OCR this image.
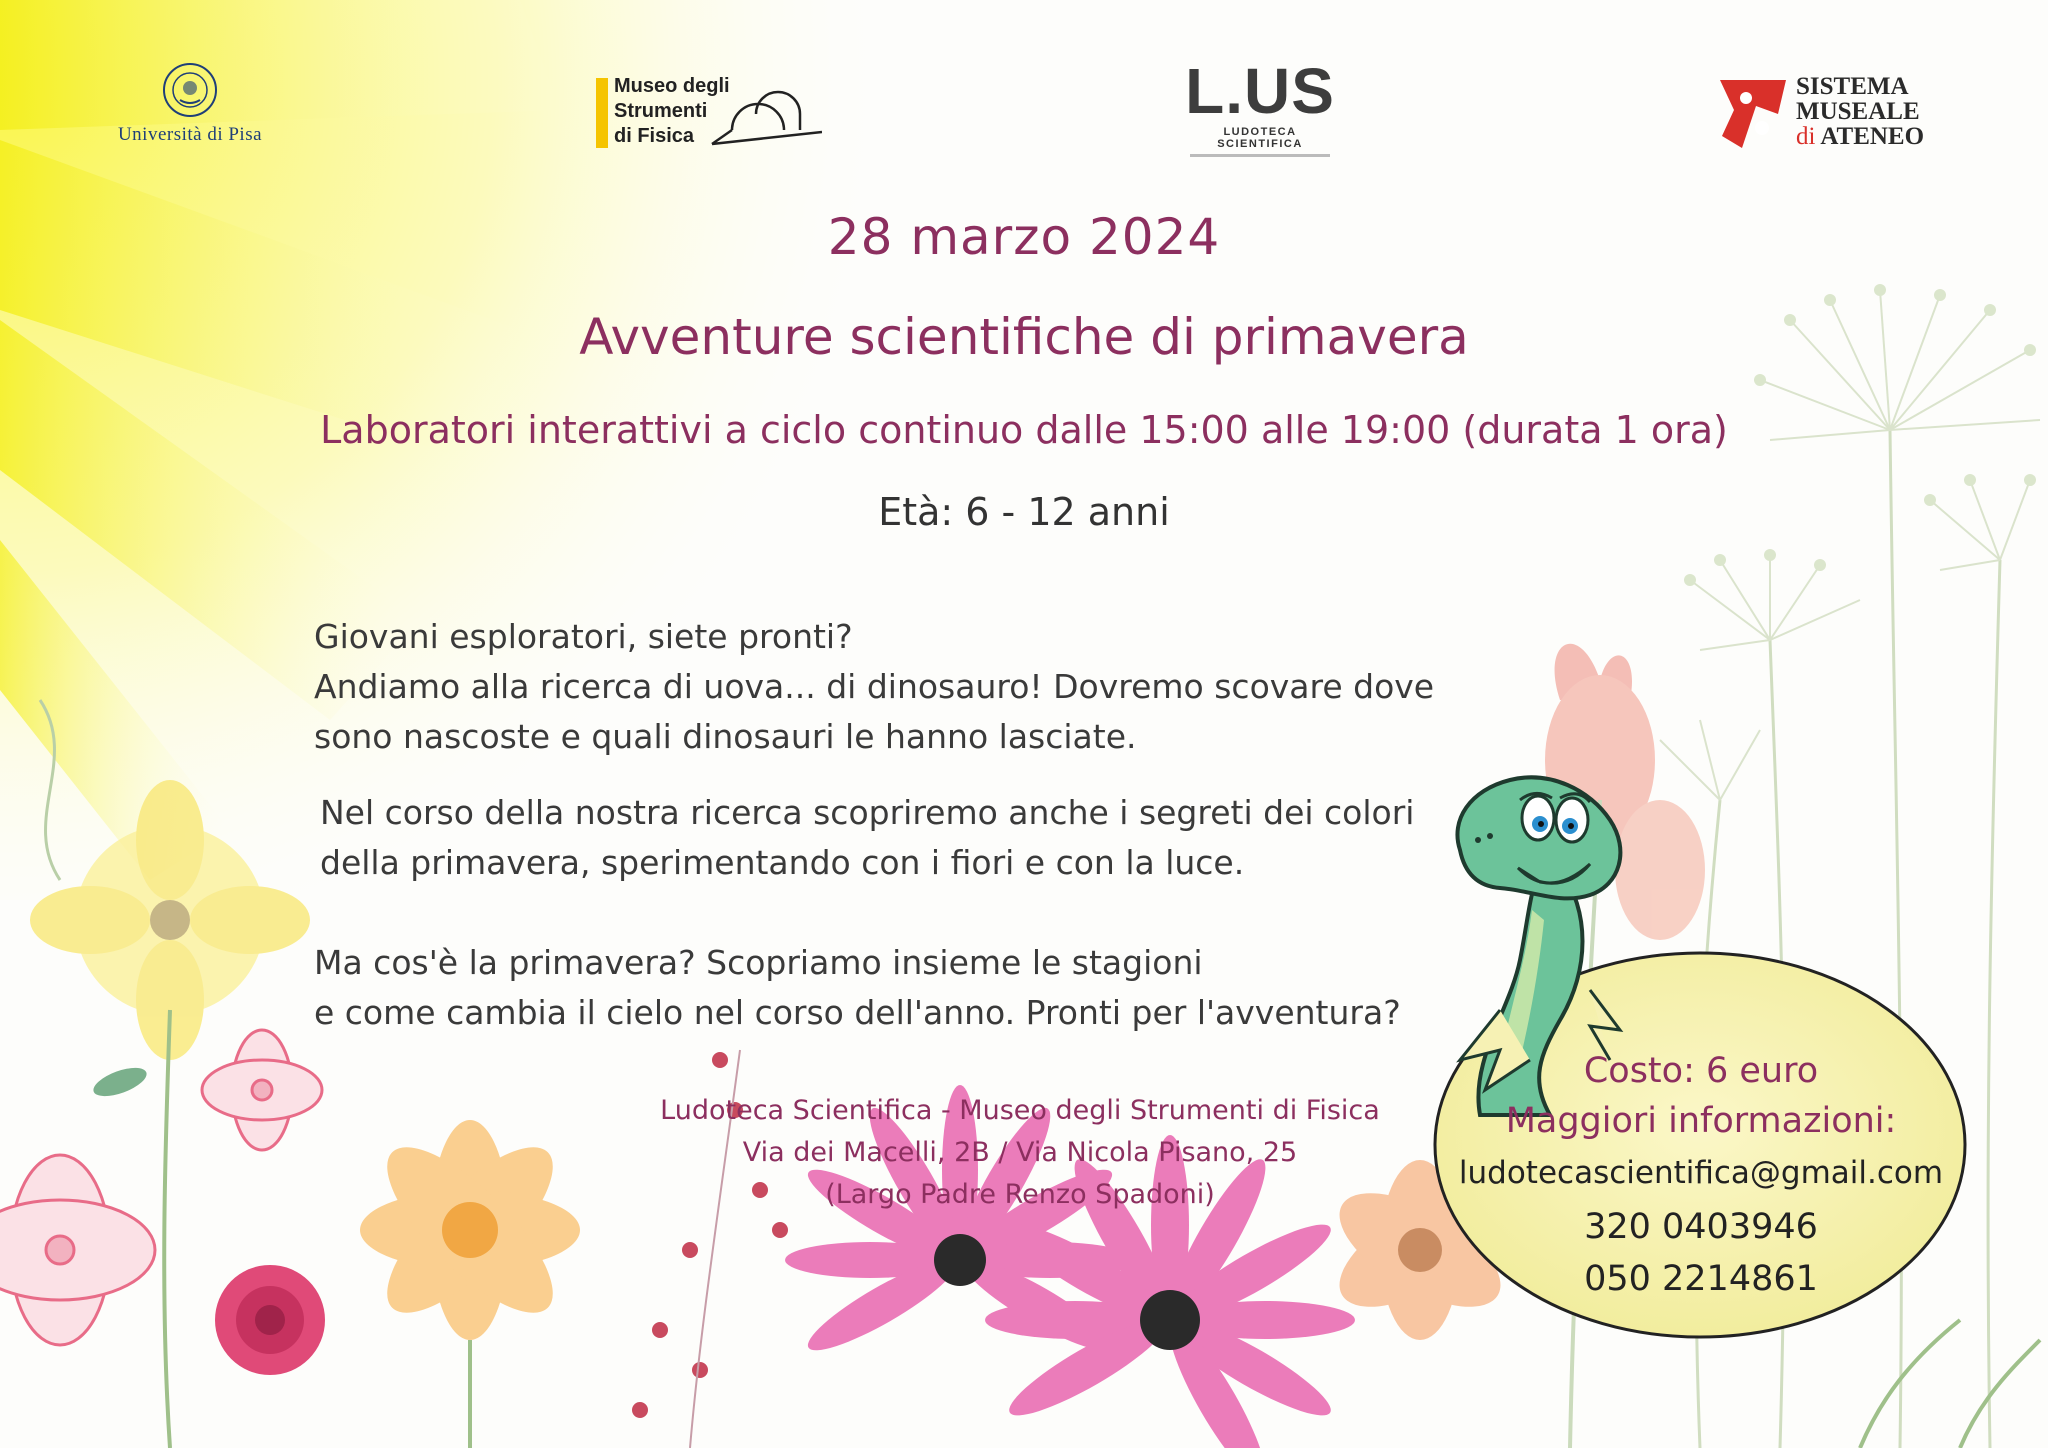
Università di Pisa
Museo degli
Strumenti
di Fisica
L.US
LUDOTECA SCIENTIFICA
SISTEMA
MUSEALE
di ATENEO
28 marzo 2024
Avventure scientifiche di primavera
Laboratori interattivi a ciclo continuo dalle 15:00 alle 19:00 (durata 1 ora)
Età: 6 - 12 anni
Giovani esploratori, siete pronti?
Andiamo alla ricerca di uova... di dinosauro! Dovremo scovare dove
sono nascoste e quali dinosauri le hanno lasciate.
Nel corso della nostra ricerca scopriremo anche i segreti dei colori
della primavera, sperimentando con i fiori e con la luce.
Ma cos'è la primavera? Scopriamo insieme le stagioni
e come cambia il cielo nel corso dell'anno. Pronti per l'avventura?
Ludoteca Scientifica - Museo degli Strumenti di Fisica
Via dei Macelli, 2B / Via Nicola Pisano, 25
(Largo Padre Renzo Spadoni)
Costo: 6 euro
Maggiori informazioni:
ludotecascientifica@gmail.com
320 0403946
050 2214861
